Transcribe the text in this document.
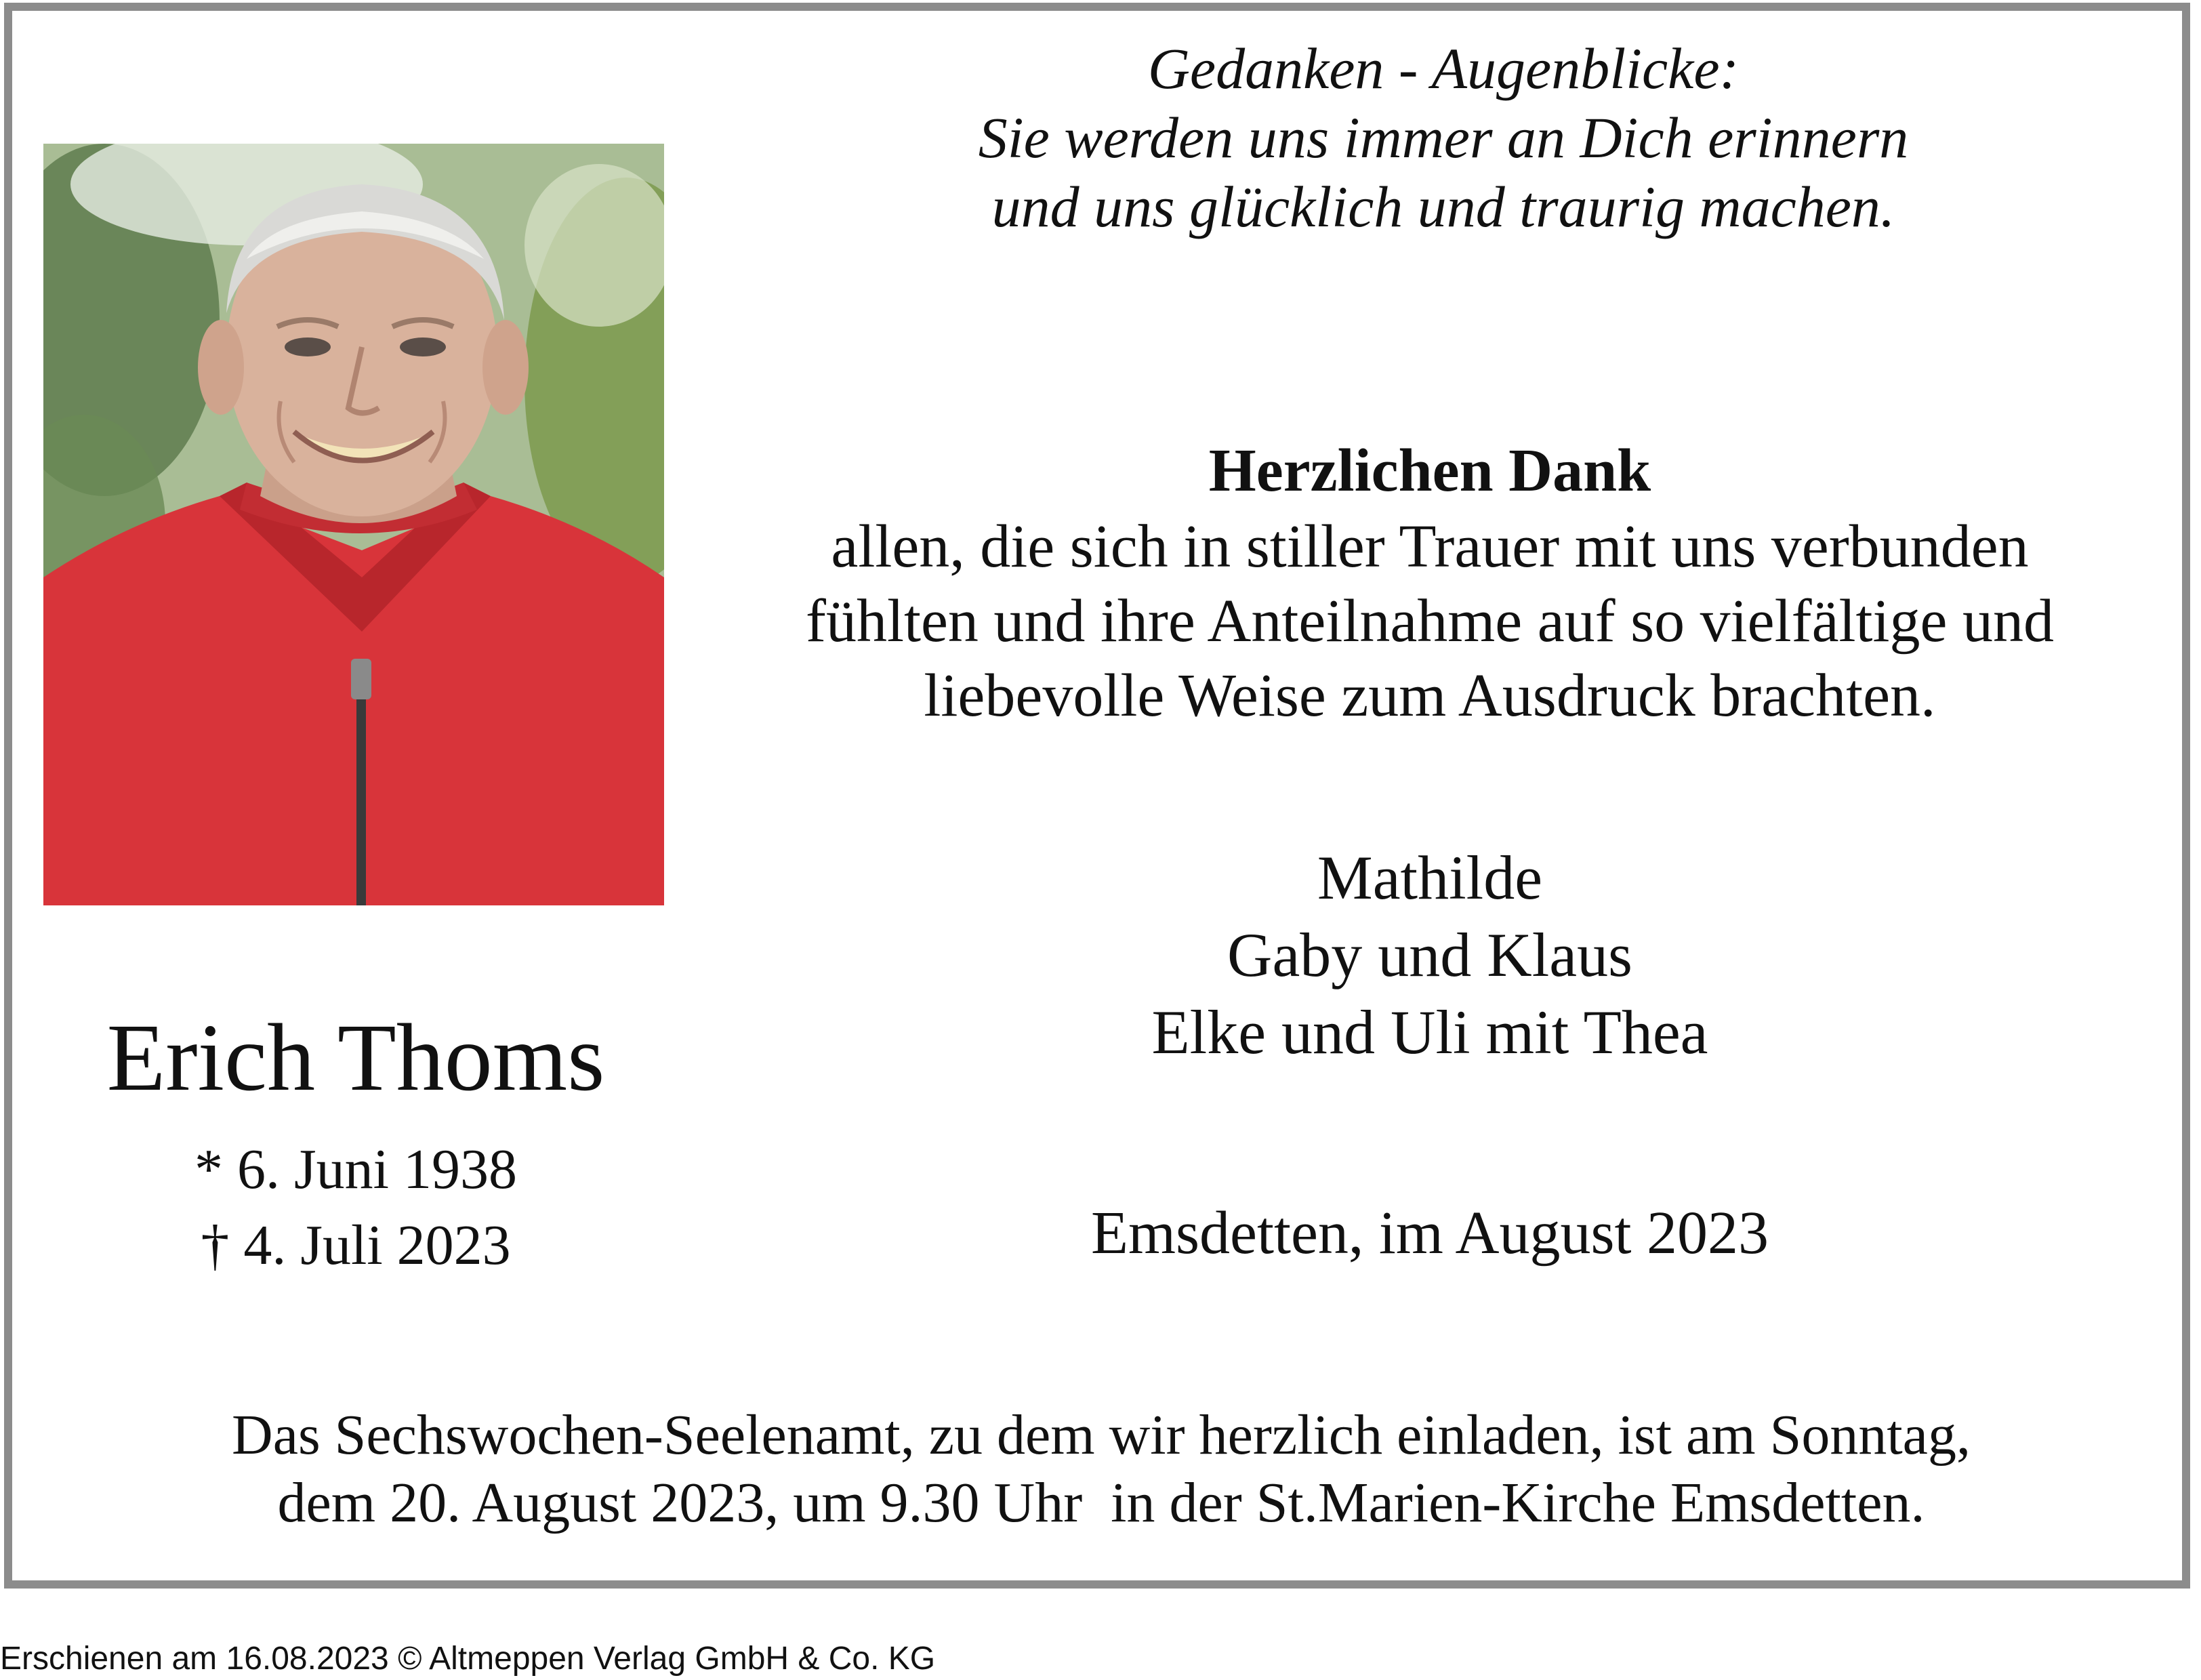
Gedanken - Augenblicke:
Sie werden uns immer an Dich erinnern
und uns glücklich und traurig machen.
Herzlichen Dank
allen, die sich in stiller Trauer mit uns verbunden
fühlten und ihre Anteilnahme auf so vielfältige und
liebevolle Weise zum Ausdruck brachten.
Mathilde
Gaby und Klaus
Elke und Uli mit Thea
Emsdetten, im August 2023
Erich Thoms
* 6. Juni 1938
† 4. Juli 2023
Das Sechswochen-Seelenamt, zu dem wir herzlich einladen, ist am Sonntag,
dem 20. August 2023, um 9.30 Uhr  in der St.Marien-Kirche Emsdetten.
Erschienen am 16.08.2023 © Altmeppen Verlag GmbH & Co. KG
